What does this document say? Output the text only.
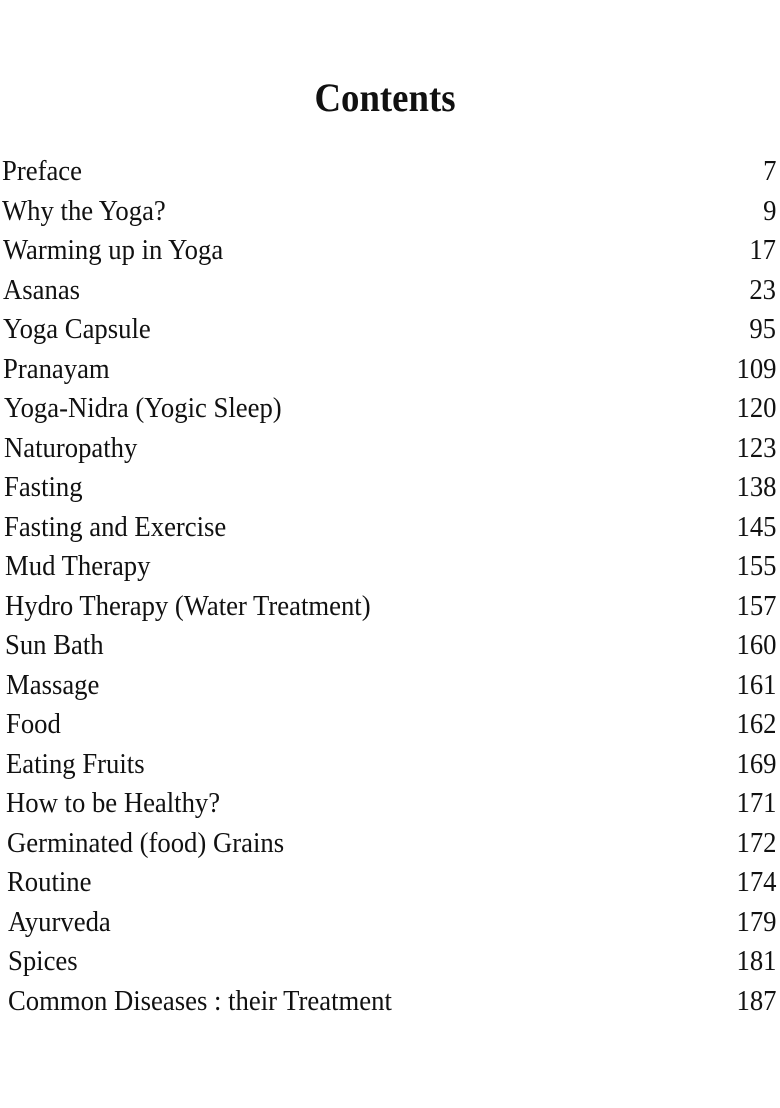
Contents
Preface	7
Why the Yoga?	9
Warming up in Yoga	17
Asanas	23
Yoga Capsule	95
Pranayam	109
Yoga-Nidra (Yogic Sleep)	120
Naturopathy	123
Fasting	138
Fasting and Exercise	145
Mud Therapy	155
Hydro Therapy (Water Treatment)	157
Sun Bath	160
Massage	161
Food	162
Eating Fruits	169
How to be Healthy?	171
Germinated (food) Grains	172
Routine	174
Ayurveda	179
Spices	181
Common Diseases : their Treatment	187
